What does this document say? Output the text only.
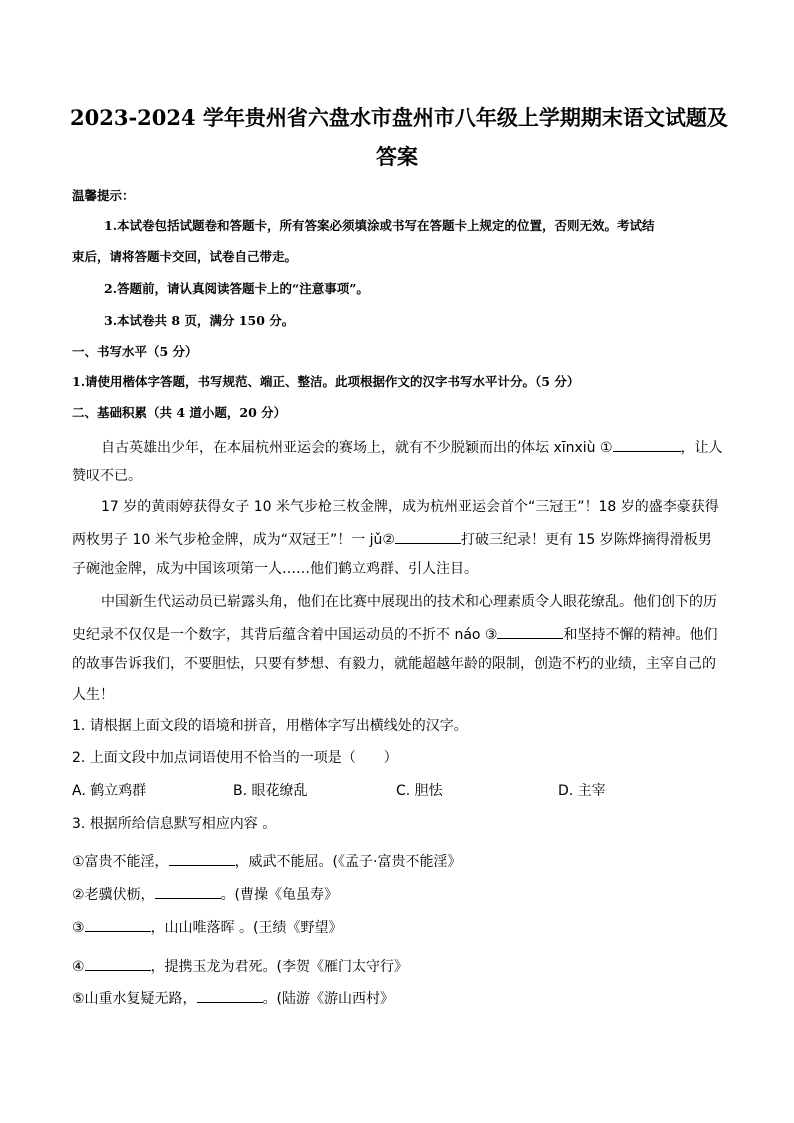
2023-2024 学年贵州省六盘水市盘州市八年级上学期期末语文试题及
答案
温馨提示：
1.本试卷包括试题卷和答题卡，所有答案必须填涂或书写在答题卡上规定的位置，否则无效。考试结
束后，请将答题卡交回，试卷自己带走。
2.答题前，请认真阅读答题卡上的“注意事项”。
3.本试卷共 8 页，满分 150 分。
一、书写水平（5 分）
1.请使用楷体字答题，书写规范、端正、整洁。此项根据作文的汉字书写水平计分。（5 分）
二、基础积累（共 4 道小题，20 分）
自古英雄出少年，在本届杭州亚运会的赛场上，就有不少脱颖而出的体坛 xīnxiù ①	，让人
赞叹不已。
17 岁的黄雨婷获得女子 10 米气步枪三枚金牌，成为杭州亚运会首个“三冠王”！18 岁的盛李豪获得
两枚男子 10 米气步枪金牌，成为“双冠王”！一 jǔ②	打破三纪录！更有 15 岁陈烨摘得滑板男
子碗池金牌，成为中国该项第一人……他们鹤立鸡群、引人注目。
中国新生代运动员已崭露头角，他们在比赛中展现出的技术和心理素质令人眼花缭乱。他们创下的历
史纪录不仅仅是一个数字，其背后蕴含着中国运动员的不折不 náo ③	和坚持不懈的精神。他们
的故事告诉我们，不要胆怯，只要有梦想、有毅力，就能超越年龄的限制，创造不朽的业绩，主宰自己的
人生！
1. 请根据上面文段的语境和拼音，用楷体字写出横线处的汉字。
2. 上面文段中加点词语使用不恰当的一项是（　　）
A. 鹤立鸡群	B. 眼花缭乱	C. 胆怯	D. 主宰
3. 根据所给信息默写相应内容 。
①富贵不能淫，	，威武不能屈。(《孟子·富贵不能淫》
②老骥伏枥，	。(曹操《龟虽寿》
③	，山山唯落晖 。(王绩《野望》
④	，提携玉龙为君死。(李贺《雁门太守行》
⑤山重水复疑无路，	。(陆游《游山西村》
